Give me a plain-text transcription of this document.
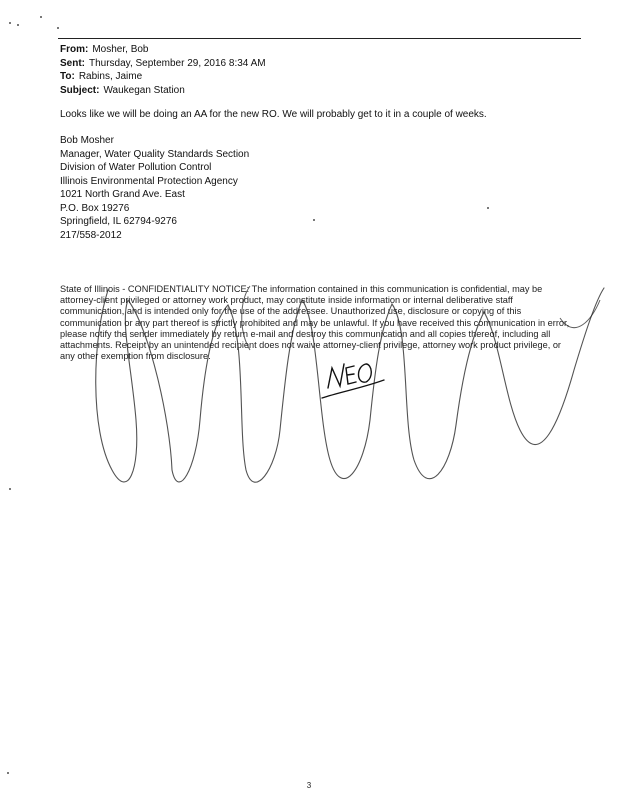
From: Mosher, Bob
Sent: Thursday, September 29, 2016 8:34 AM
To: Rabins, Jaime
Subject: Waukegan Station
Looks like we will be doing an AA for the new RO. We will probably get to it in a couple of weeks.
Bob Mosher
Manager, Water Quality Standards Section
Division of Water Pollution Control
Illinois Environmental Protection Agency
1021 North Grand Ave. East
P.O. Box 19276
Springfield, IL 62794-9276
217/558-2012
State of Illinois - CONFIDENTIALITY NOTICE: The information contained in this communication is confidential, may be attorney-client privileged or attorney work product, may constitute inside information or internal deliberative staff communication, and is intended only for the use of the addressee. Unauthorized use, disclosure or copying of this communication or any part thereof is strictly prohibited and may be unlawful. If you have received this communication in error, please notify the sender immediately by return e-mail and destroy this communication and all copies thereof, including all attachments. Receipt by an unintended recipient does not waive attorney-client privilege, attorney work product privilege, or any other exemption from disclosure.
3
